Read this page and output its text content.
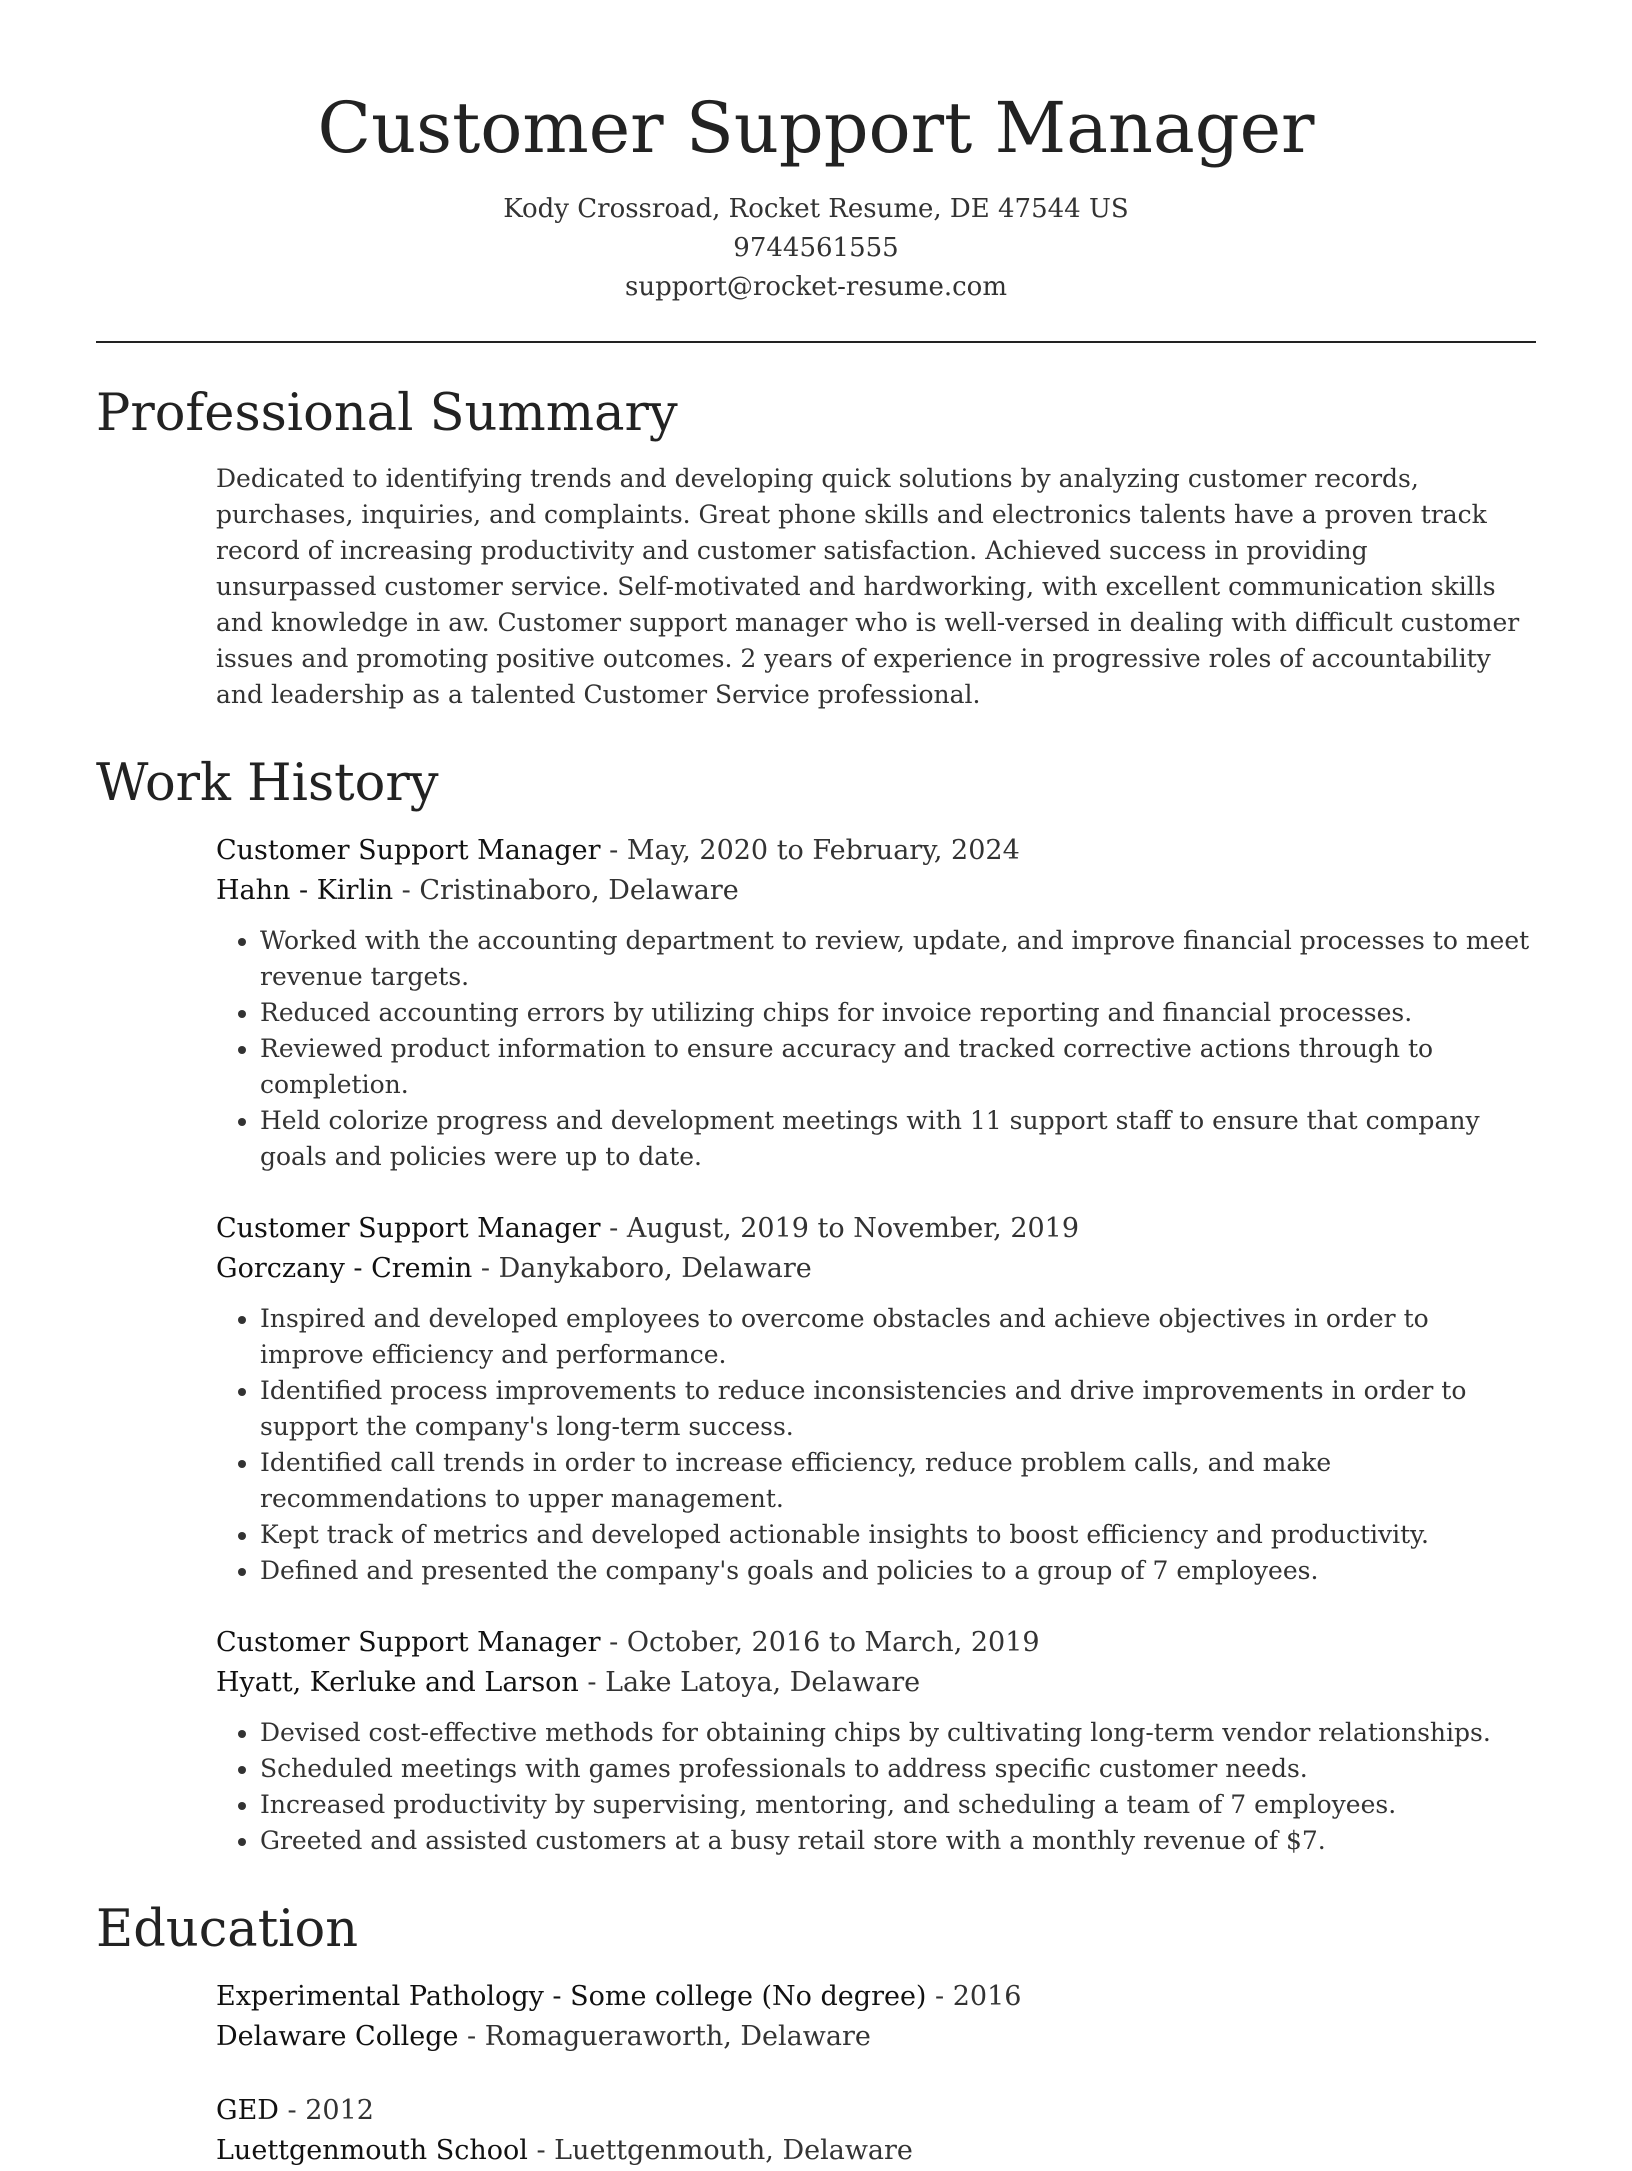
Customer Support Manager
Kody Crossroad, Rocket Resume, DE 47544 US
9744561555
support@rocket-resume.com
Professional Summary

Dedicated to identifying trends and developing quick solutions by analyzing customer records, purchases, inquiries, and complaints. Great phone skills and electronics talents have a proven track record of increasing productivity and customer satisfaction. Achieved success in providing unsurpassed customer service. Self-motivated and hardworking, with excellent communication skills and knowledge in aw. Customer support manager who is well-versed in dealing with difficult customer issues and promoting positive outcomes. 2 years of experience in progressive roles of accountability and leadership as a talented Customer Service professional.

Work History
Customer Support Manager - May, 2020 to February, 2024
Hahn - Kirlin - Cristinaboro, Delaware
• Worked with the accounting department to review, update, and improve financial processes to meet revenue targets.
• Reduced accounting errors by utilizing chips for invoice reporting and financial processes.
• Reviewed product information to ensure accuracy and tracked corrective actions through to completion.
• Held colorize progress and development meetings with 11 support staff to ensure that company goals and policies were up to date.
Customer Support Manager - August, 2019 to November, 2019
Gorczany - Cremin - Danykaboro, Delaware
• Inspired and developed employees to overcome obstacles and achieve objectives in order to improve efficiency and performance.
• Identified process improvements to reduce inconsistencies and drive improvements in order to support the company's long-term success.
• Identified call trends in order to increase efficiency, reduce problem calls, and make recommendations to upper management.
• Kept track of metrics and developed actionable insights to boost efficiency and productivity.
• Defined and presented the company's goals and policies to a group of 7 employees.
Customer Support Manager - October, 2016 to March, 2019
Hyatt, Kerluke and Larson - Lake Latoya, Delaware
• Devised cost-effective methods for obtaining chips by cultivating long-term vendor relationships.
• Scheduled meetings with games professionals to address specific customer needs.
• Increased productivity by supervising, mentoring, and scheduling a team of 7 employees.
• Greeted and assisted customers at a busy retail store with a monthly revenue of $7.
Education
Experimental Pathology - Some college (No degree) - 2016
Delaware College - Romagueraworth, Delaware
GED - 2012
Luettgenmouth School - Luettgenmouth, Delaware
